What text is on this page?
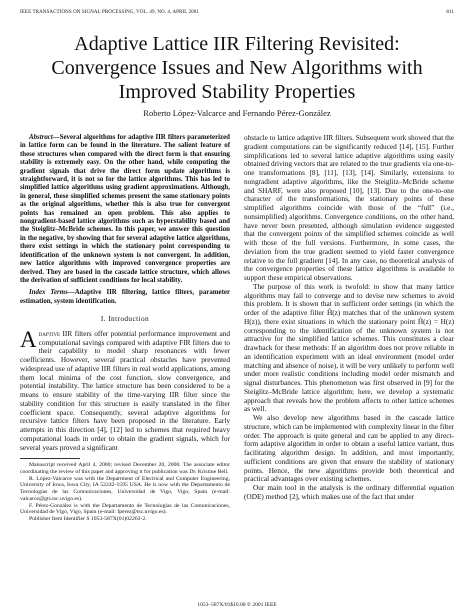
IEEE TRANSACTIONS ON SIGNAL PROCESSING, VOL. 49, NO. 4, APRIL 2001	811
Adaptive Lattice IIR Filtering Revisited:
Convergence Issues and New Algorithms with
Improved Stability Properties
Roberto López-Valcarce and Fernando Pérez-González

Abstract—Several algorithms for adaptive IIR filters parameterized in lattice form can be found in the literature. The salient feature of these structures when compared with the direct form is that ensuring stability is extremely easy. On the other hand, while computing the gradient signals that drive the direct form update algorithms is straightforward, it is not so for the lattice algorithms. This has led to simplified lattice algorithms using gradient approximations. Although, in general, these simplified schemes present the same stationary points as the original algorithms, whether this is also true for convergent points has remained an open problem. This also applies to nongradient-based lattice algorithms such as hyperstability based and the Steiglitz–McBride schemes. In this paper, we answer this question in the negative, by showing that for several adaptive lattice algorithms, there exist settings in which the stationary point corresponding to identification of the unknown system is not convergent. In addition, new lattice algorithms with improved convergence properties are derived. They are based in the cascade lattice structure, which allows the derivation of sufficient conditions for local stability.

Index Terms—Adaptive IIR filtering, lattice filters, parameter estimation, system identification.

I. Introduction

Adaptive IIR filters offer potential performance improvement and computational savings compared with adaptive FIR filters due to their capability to model sharp resonances with fewer coefficients. However, several practical obstacles have prevented widespread use of adaptive IIR filters in real world applications, among them local minima of the cost function, slow convergence, and potential instability. The lattice structure has been considered to be a means to ensure stability of the time-varying IIR filter since the stability condition for this structure is easily translated in the filter coefficient space. Consequently, several adaptive algorithms for recursive lattice filters have been proposed in the literature. Early attempts in this direction [4], [12] led to schemes that required heavy computational loads in order to obtain the gradient signals, which for several years proved a significant

Manuscript received April 4, 2000; revised December 20, 2000. The associate editor coordinating the review of this paper and approving it for publication was Dr. Kristine Bell.

R. López-Valcarce was with the Department of Electrical and Computer Engineering, University of Iowa, Iowa City, IA 52242-1595 USA. He is now with the Departamento de Tecnologías de las Comunicaciones, Universidad de Vigo, Vigo, Spain (e-mail: valcarce@gts.tsc.uvigo.es).

F. Pérez-González is with the Departamento de Tecnologías de las Comunicaciones, Universidad de Vigo, Vigo, Spain (e-mail: fperez@tsc.uvigo.es).

Publisher Item Identifier S 1053-587X(01)02263-2.

obstacle to lattice adaptive IIR filters. Subsequent work showed that the gradient computations can be significantly reduced [14], [15]. Further simplifications led to several lattice adaptive algorithms using easily obtained driving vectors that are related to the true gradients via one-to-one transformations [8], [11], [13], [14]. Similarly, extensions to nongradient adaptive algorithms, like the Steiglitz–McBride scheme and SHARF, were also proposed [10], [13]. Due to the one-to-one character of the transformations, the stationary points of these simplified algorithms coincide with those of the “full” (i.e., nonsimplified) algorithms. Convergence conditions, on the other hand, have never been presented, although simulation evidence suggested that the convergent points of the simplified schemes coincide as well with those of the full versions. Furthermore, in some cases, the deviation from the true gradient seemed to yield faster convergence relative to the full gradient [14]. In any case, no theoretical analysis of the convergence properties of these lattice algorithms is available to support these empirical observations.

The purpose of this work is twofold: to show that many lattice algorithms may fail to converge and to devise new schemes to avoid this problem. It is shown that in sufficient order settings (in which the order of the adaptive filter Ĥ(z) matches that of the unknown system H(z)), there exist situations in which the stationary point Ĥ(z) = H(z) corresponding to the identification of the unknown system is not attractive for the simplified lattice schemes. This constitutes a clear drawback for these methods: If an algorithm does not prove reliable in an identification experiment with an ideal environment (model order matching and absence of noise), it will be very unlikely to perform well under more realistic conditions including model order mismatch and signal disturbances. This phenomenon was first observed in [9] for the Steiglitz–McBride lattice algorithm; here, we develop a systematic approach that reveals how the problem affects to other lattice schemes as well.

We also develop new algorithms based in the cascade lattice structure, which can be implemented with complexity linear in the filter order. The approach is quite general and can be applied to any direct-form adaptive algorithm in order to obtain a useful lattice variant, thus facilitating algorithm design. In addition, and most importantly, sufficient conditions are given that ensure the stability of stationary points. Hence, the new algorithms provide both theoretical and practical advantages over existing schemes.

Our main tool in the analysis is the ordinary differential equation (ODE) method [2], which makes use of the fact that under

1053–587X/01$10.00 © 2001 IEEE
